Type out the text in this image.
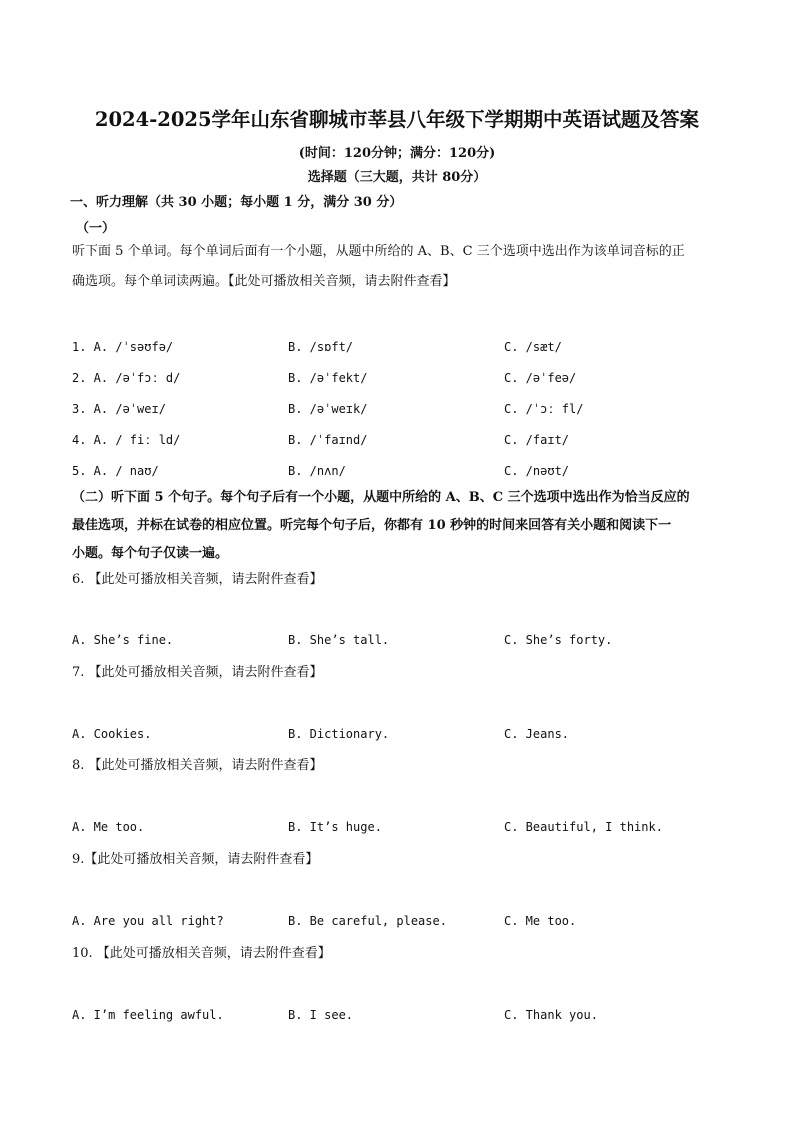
2024-2025学年山东省聊城市莘县八年级下学期期中英语试题及答案
(时间：120分钟；满分：120分)
选择题（三大题，共计 80分）
一、听力理解（共 30 小题；每小题 1 分，满分 30 分）
（一）
听下面 5 个单词。每个单词后面有一个小题，从题中所给的 A、B、C 三个选项中选出作为该单词音标的正
确选项。每个单词读两遍。【此处可播放相关音频，请去附件查看】
1. A. /ˈsəʊfə/	B. /sɒft/	C. /sæt/
2. A. /əˈfɔː d/	B. /əˈfekt/	C. /əˈfeə/
3. A. /əˈweɪ/	B. /əˈweɪk/	C. /ˈɔː fl/
4. A. / fiː ld/	B. /ˈfaɪnd/	C. /faɪt/
5. A. / naʊ/	B. /nʌn/	C. /nəʊt/
（二）听下面 5 个句子。每个句子后有一个小题，从题中所给的 A、B、C 三个选项中选出作为恰当反应的
最佳选项，并标在试卷的相应位置。听完每个句子后，你都有 10 秒钟的时间来回答有关小题和阅读下一
小题。每个句子仅读一遍。
6. 【此处可播放相关音频，请去附件查看】
A. She’s fine.	B. She’s tall.	C. She’s forty.
7. 【此处可播放相关音频，请去附件查看】
A. Cookies.	B. Dictionary.	C. Jeans.
8. 【此处可播放相关音频，请去附件查看】
A. Me too.	B. It’s huge.	C. Beautiful, I think.
9.【此处可播放相关音频，请去附件查看】
A. Are you all right?	B. Be careful, please.	C. Me too.
10. 【此处可播放相关音频，请去附件查看】
A. I’m feeling awful.	B. I see.	C. Thank you.
